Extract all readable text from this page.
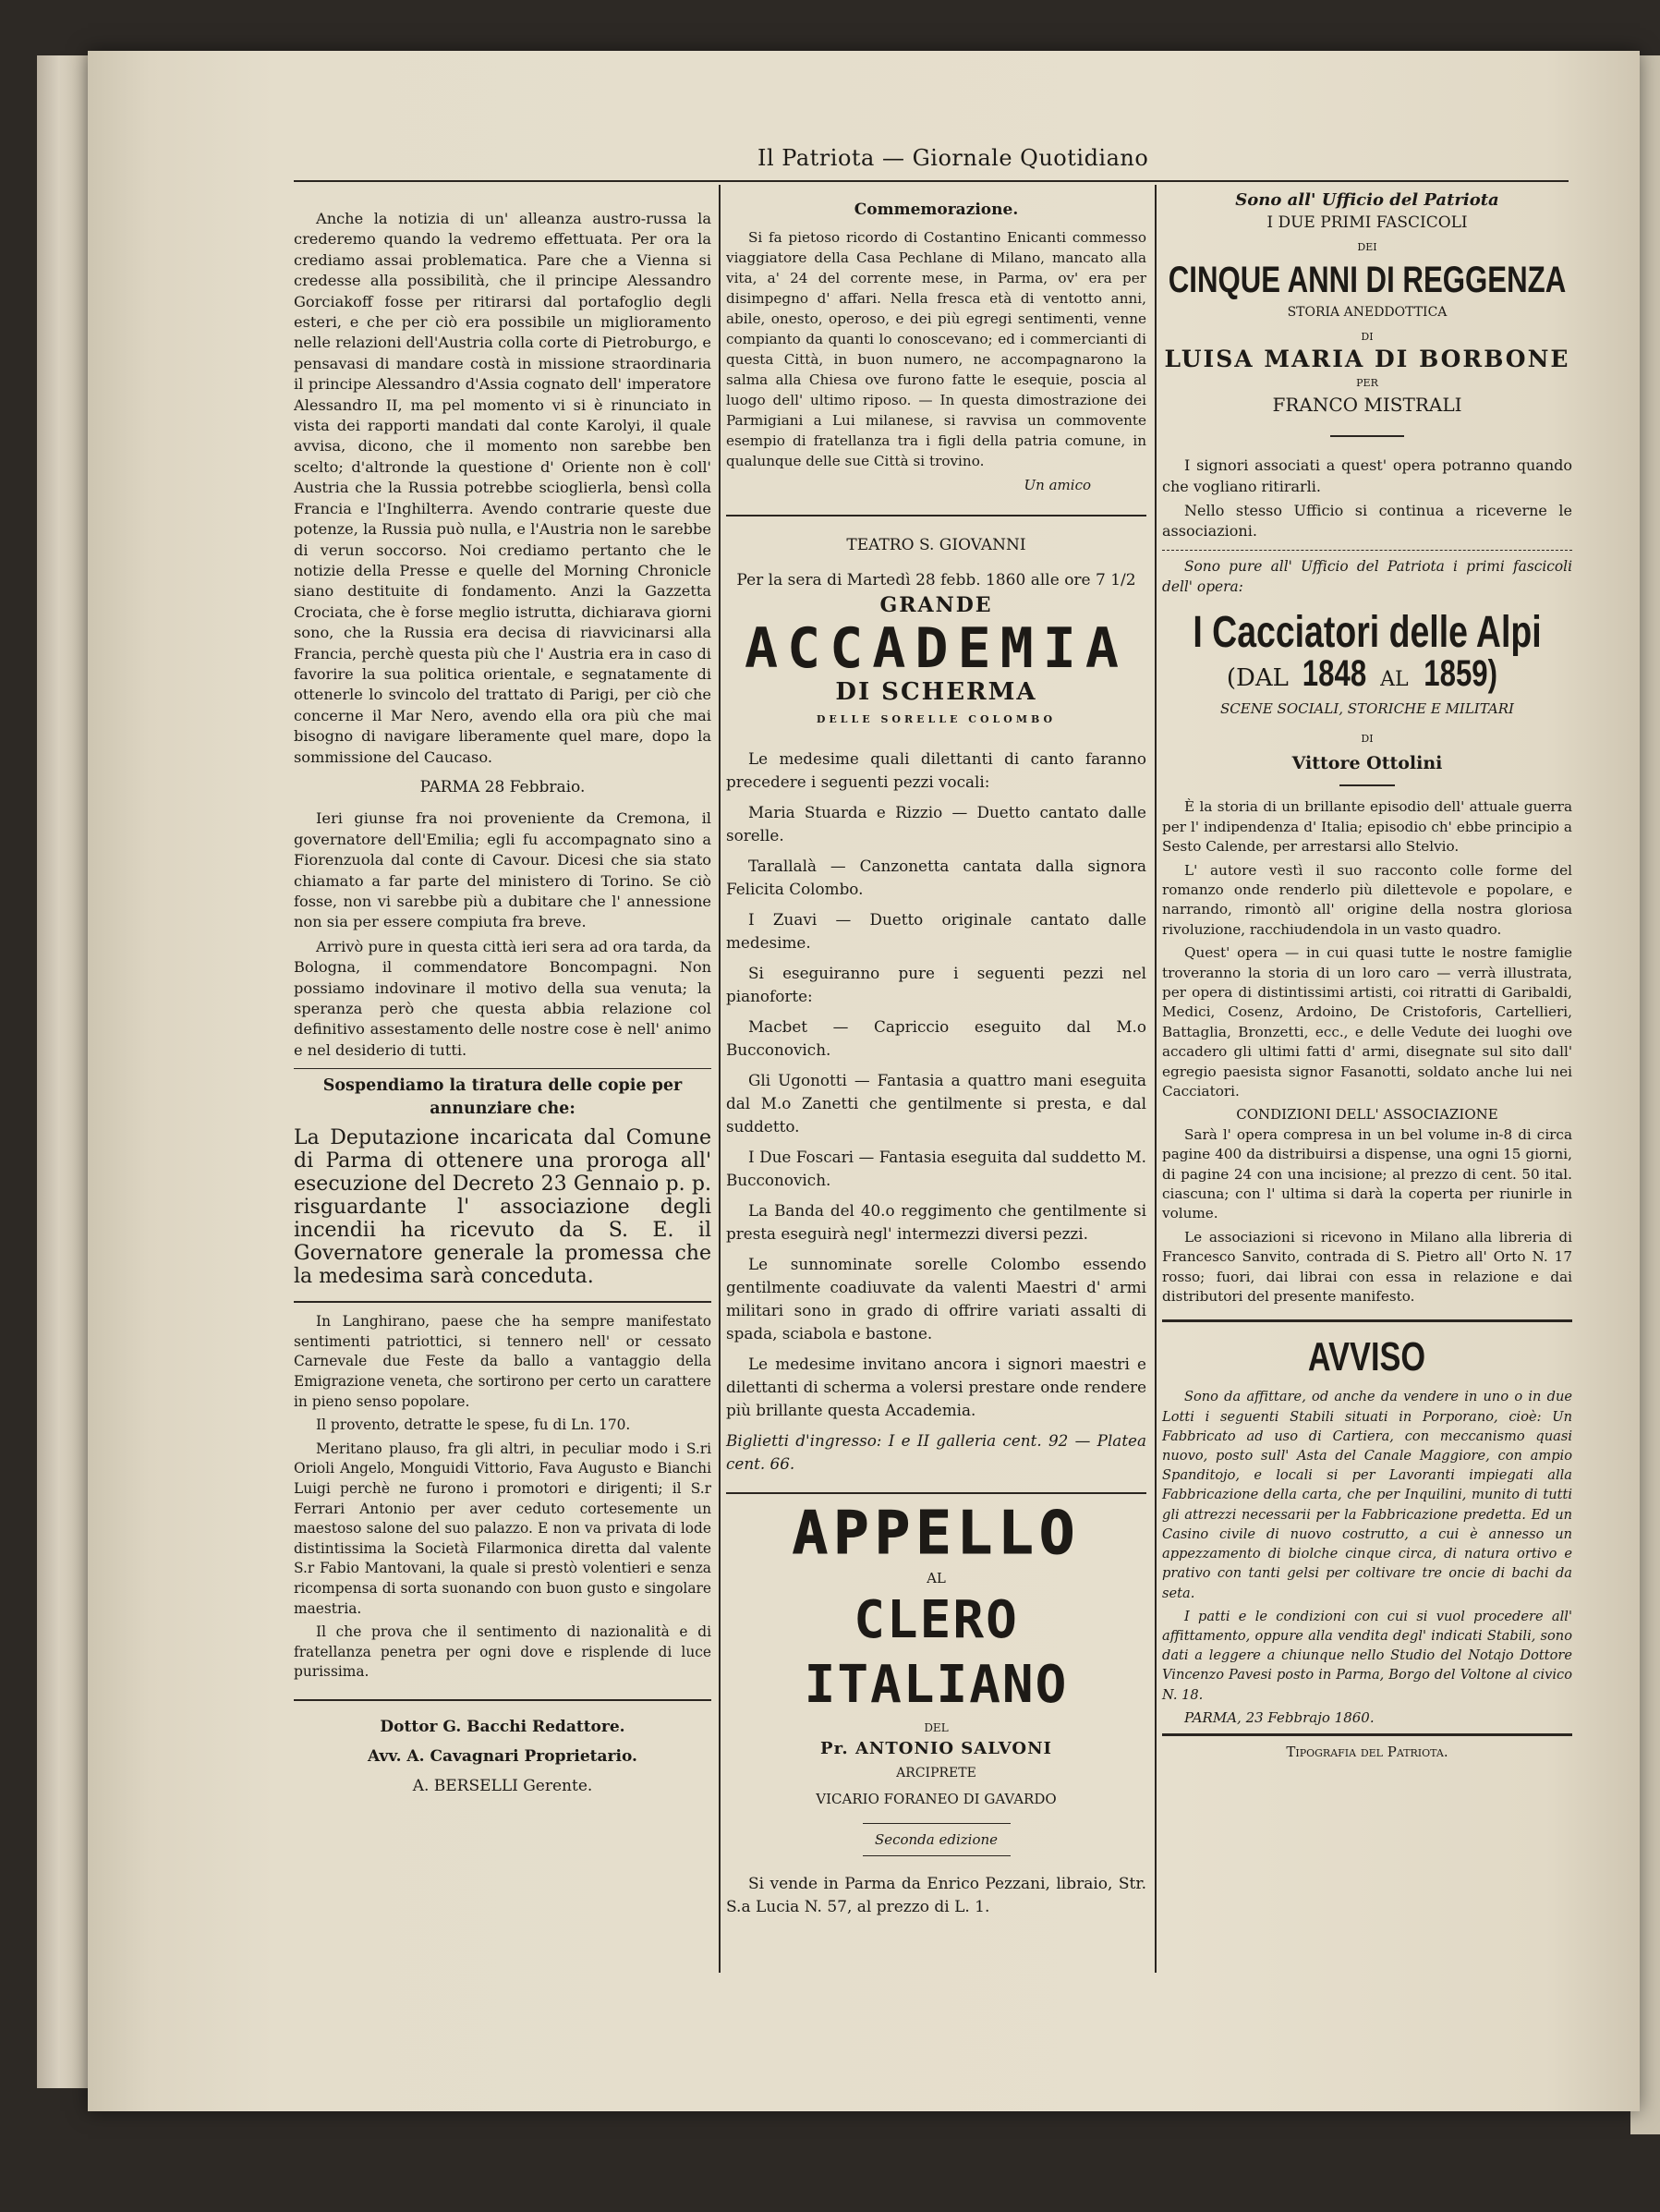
Il Patriota — Giornale Quotidiano

Anche la notizia di un' alleanza austro-russa la crederemo quando la vedremo effettuata. Per ora la crediamo assai problematica. Pare che a Vienna si credesse alla possibilità, che il principe Alessandro Gorciakoff fosse per ritirarsi dal portafoglio degli esteri, e che per ciò era possibile un miglioramento nelle relazioni dell'Austria colla corte di Pietroburgo, e pensavasi di mandare costà in missione straordinaria il principe Alessandro d'Assia cognato dell' imperatore Alessandro II, ma pel momento vi si è rinunciato in vista dei rapporti mandati dal conte Karolyi, il quale avvisa, dicono, che il momento non sarebbe ben scelto; d'altronde la questione d' Oriente non è coll' Austria che la Russia potrebbe scioglierla, bensì colla Francia e l'Inghilterra. Avendo contrarie queste due potenze, la Russia può nulla, e l'Austria non le sarebbe di verun soccorso. Noi crediamo pertanto che le notizie della Presse e quelle del Morning Chronicle siano destituite di fondamento. Anzi la Gazzetta Crociata, che è forse meglio istrutta, dichiarava giorni sono, che la Russia era decisa di riavvicinarsi alla Francia, perchè questa più che l' Austria era in caso di favorire la sua politica orientale, e segnatamente di ottenerle lo svincolo del trattato di Parigi, per ciò che concerne il Mar Nero, avendo ella ora più che mai bisogno di navigare liberamente quel mare, dopo la sommissione del Caucaso.

PARMA 28 Febbraio.

Ieri giunse fra noi proveniente da Cremona, il governatore dell'Emilia; egli fu accompagnato sino a Fiorenzuola dal conte di Cavour. Dicesi che sia stato chiamato a far parte del ministero di Torino. Se ciò fosse, non vi sarebbe più a dubitare che l' annessione non sia per essere compiuta fra breve.

Arrivò pure in questa città ieri sera ad ora tarda, da Bologna, il commendatore Boncompagni. Non possiamo indovinare il motivo della sua venuta; la speranza però che questa abbia relazione col definitivo assestamento delle nostre cose è nell' animo e nel desiderio di tutti.

Sospendiamo la tiratura delle copie per annunziare che:

La Deputazione incaricata dal Comune di Parma di ottenere una proroga all' esecuzione del Decreto 23 Gennaio p. p. risguardante l' associazione degli incendii ha ricevuto da S. E. il Governatore generale la promessa che la medesima sarà conceduta.

In Langhirano, paese che ha sempre manifestato sentimenti patriottici, si tennero nell' or cessato Carnevale due Feste da ballo a vantaggio della Emigrazione veneta, che sortirono per certo un carattere in pieno senso popolare.

Il provento, detratte le spese, fu di Ln. 170.

Meritano plauso, fra gli altri, in peculiar modo i S.ri Orioli Angelo, Monguidi Vittorio, Fava Augusto e Bianchi Luigi perchè ne furono i promotori e dirigenti; il S.r Ferrari Antonio per aver ceduto cortesemente un maestoso salone del suo palazzo. E non va privata di lode distintissima la Società Filarmonica diretta dal valente S.r Fabio Mantovani, la quale si prestò volentieri e senza ricompensa di sorta suonando con buon gusto e singolare maestria.

Il che prova che il sentimento di nazionalità e di fratellanza penetra per ogni dove e risplende di luce purissima.

Dottor G. Bacchi Redattore.
Avv. A. Cavagnari Proprietario.
A. BERSELLI Gerente.
Commemorazione.

Si fa pietoso ricordo di Costantino Enicanti commesso viaggiatore della Casa Pechlane di Milano, mancato alla vita, a' 24 del corrente mese, in Parma, ov' era per disimpegno d' affari. Nella fresca età di ventotto anni, abile, onesto, operoso, e dei più egregi sentimenti, venne compianto da quanti lo conoscevano; ed i commercianti di questa Città, in buon numero, ne accompagnarono la salma alla Chiesa ove furono fatte le esequie, poscia al luogo dell' ultimo riposo. — In questa dimostrazione dei Parmigiani a Lui milanese, si ravvisa un commovente esempio di fratellanza tra i figli della patria comune, in qualunque delle sue Città si trovino.

Un amico
TEATRO S. GIOVANNI
Per la sera di Martedì 28 febb. 1860 alle ore 7 1/2
GRANDE
ACCADEMIA
DI SCHERMA
DELLE SORELLE COLOMBO

Le medesime quali dilettanti di canto faranno precedere i seguenti pezzi vocali:

Maria Stuarda e Rizzio — Duetto cantato dalle sorelle.

Tarallalà — Canzonetta cantata dalla signora Felicita Colombo.

I Zuavi — Duetto originale cantato dalle medesime.

Si eseguiranno pure i seguenti pezzi nel pianoforte:

Macbet — Capriccio eseguito dal M.o Bucconovich.

Gli Ugonotti — Fantasia a quattro mani eseguita dal M.o Zanetti che gentilmente si presta, e dal suddetto.

I Due Foscari — Fantasia eseguita dal suddetto M. Bucconovich.

La Banda del 40.o reggimento che gentilmente si presta eseguirà negl' intermezzi diversi pezzi.

Le sunnominate sorelle Colombo essendo gentilmente coadiuvate da valenti Maestri d' armi militari sono in grado di offrire variati assalti di spada, sciabola e bastone.

Le medesime invitano ancora i signori maestri e dilettanti di scherma a volersi prestare onde rendere più brillante questa Accademia.

Biglietti d'ingresso: I e II galleria cent. 92 — Platea cent. 66.

APPELLO
AL
CLERO ITALIANO
DEL
Pr. ANTONIO SALVONI
ARCIPRETE
VICARIO FORANEO DI GAVARDO
Seconda edizione

Si vende in Parma da Enrico Pezzani, libraio, Str. S.a Lucia N. 57, al prezzo di L. 1.

Sono all' Ufficio del Patriota
I DUE PRIMI FASCICOLI
DEI
CINQUE ANNI DI REGGENZA
STORIA ANEDDOTTICA
DI
LUISA MARIA DI BORBONE
PER
FRANCO MISTRALI

I signori associati a quest' opera potranno quando che vogliano ritirarli.

Nello stesso Ufficio si continua a riceverne le associazioni.

Sono pure all' Ufficio del Patriota i primi fascicoli dell' opera:

I Cacciatori delle Alpi
(DAL 1848 AL 1859)
SCENE SOCIALI, STORICHE E MILITARI
DI
Vittore Ottolini

È la storia di un brillante episodio dell' attuale guerra per l' indipendenza d' Italia; episodio ch' ebbe principio a Sesto Calende, per arrestarsi allo Stelvio.

L' autore vestì il suo racconto colle forme del romanzo onde renderlo più dilettevole e popolare, e narrando, rimontò all' origine della nostra gloriosa rivoluzione, racchiudendola in un vasto quadro.

Quest' opera — in cui quasi tutte le nostre famiglie troveranno la storia di un loro caro — verrà illustrata, per opera di distintissimi artisti, coi ritratti di Garibaldi, Medici, Cosenz, Ardoino, De Cristoforis, Cartellieri, Battaglia, Bronzetti, ecc., e delle Vedute dei luoghi ove accadero gli ultimi fatti d' armi, disegnate sul sito dall' egregio paesista signor Fasanotti, soldato anche lui nei Cacciatori.

CONDIZIONI DELL' ASSOCIAZIONE

Sarà l' opera compresa in un bel volume in-8 di circa pagine 400 da distribuirsi a dispense, una ogni 15 giorni, di pagine 24 con una incisione; al prezzo di cent. 50 ital. ciascuna; con l' ultima si darà la coperta per riunirle in volume.

Le associazioni si ricevono in Milano alla libreria di Francesco Sanvito, contrada di S. Pietro all' Orto N. 17 rosso; fuori, dai librai con essa in relazione e dai distributori del presente manifesto.

AVVISO

Sono da affittare, od anche da vendere in uno o in due Lotti i seguenti Stabili situati in Porporano, cioè: Un Fabbricato ad uso di Cartiera, con meccanismo quasi nuovo, posto sull' Asta del Canale Maggiore, con ampio Spanditojo, e locali si per Lavoranti impiegati alla Fabbricazione della carta, che per Inquilini, munito di tutti gli attrezzi necessarii per la Fabbricazione predetta. Ed un Casino civile di nuovo costrutto, a cui è annesso un appezzamento di biolche cinque circa, di natura ortivo e prativo con tanti gelsi per coltivare tre oncie di bachi da seta.

I patti e le condizioni con cui si vuol procedere all' affittamento, oppure alla vendita degl' indicati Stabili, sono dati a leggere a chiunque nello Studio del Notajo Dottore Vincenzo Pavesi posto in Parma, Borgo del Voltone al civico N. 18.

PARMA, 23 Febbrajo 1860.

Tipografia del Patriota.
